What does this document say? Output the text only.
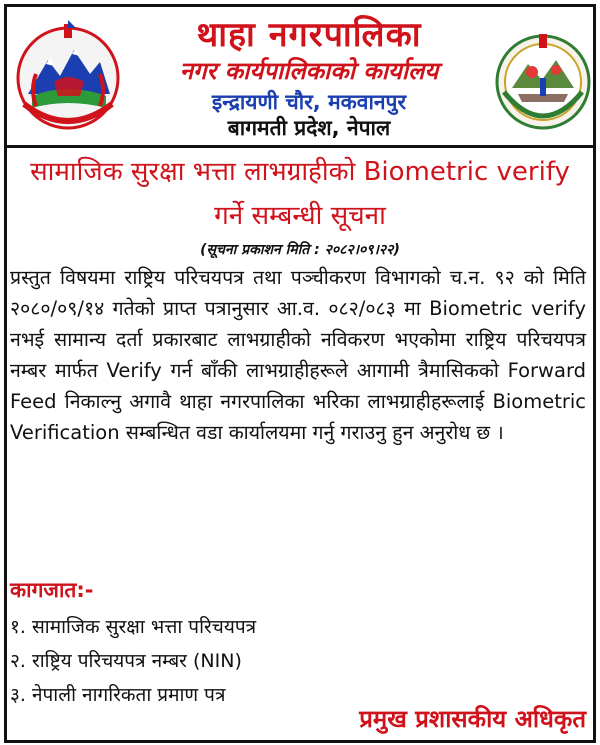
थाहा नगरपालिका
नगर कार्यपालिकाको कार्यालय
इन्द्रायणी चौर, मकवानपुर
बागमती प्रदेश, नेपाल
सामाजिक सुरक्षा भत्ता लाभग्राहीको Biometric verify
गर्ने सम्बन्धी सूचना
(सूचना प्रकाशन मिति : २०८२।०९।२२)
प्रस्तुत विषयमा राष्ट्रिय परिचयपत्र तथा पञ्चीकरण विभागको च.न. ९२ को मिति २०८०/०९/१४ गतेको प्राप्त पत्रानुसार आ.व. ०८२/०८३ मा Biometric verify नभई सामान्य दर्ता प्रकारबाट लाभग्राहीको नविकरण भएकोमा राष्ट्रिय परिचयपत्र नम्बर मार्फत Verify गर्न बाँकी लाभग्राहीहरूले आगामी त्रैमासिकको Forward Feed निकाल्नु अगावै थाहा नगरपालिका भरिका लाभग्राहीहरूलाई Biometric Verification सम्बन्धित वडा कार्यालयमा गर्नु गराउनु हुन अनुरोध छ ।
कागजात:-
१. सामाजिक सुरक्षा भत्ता परिचयपत्र
२. राष्ट्रिय परिचयपत्र नम्बर (NIN)
३. नेपाली नागरिकता प्रमाण पत्र
प्रमुख प्रशासकीय अधिकृत
